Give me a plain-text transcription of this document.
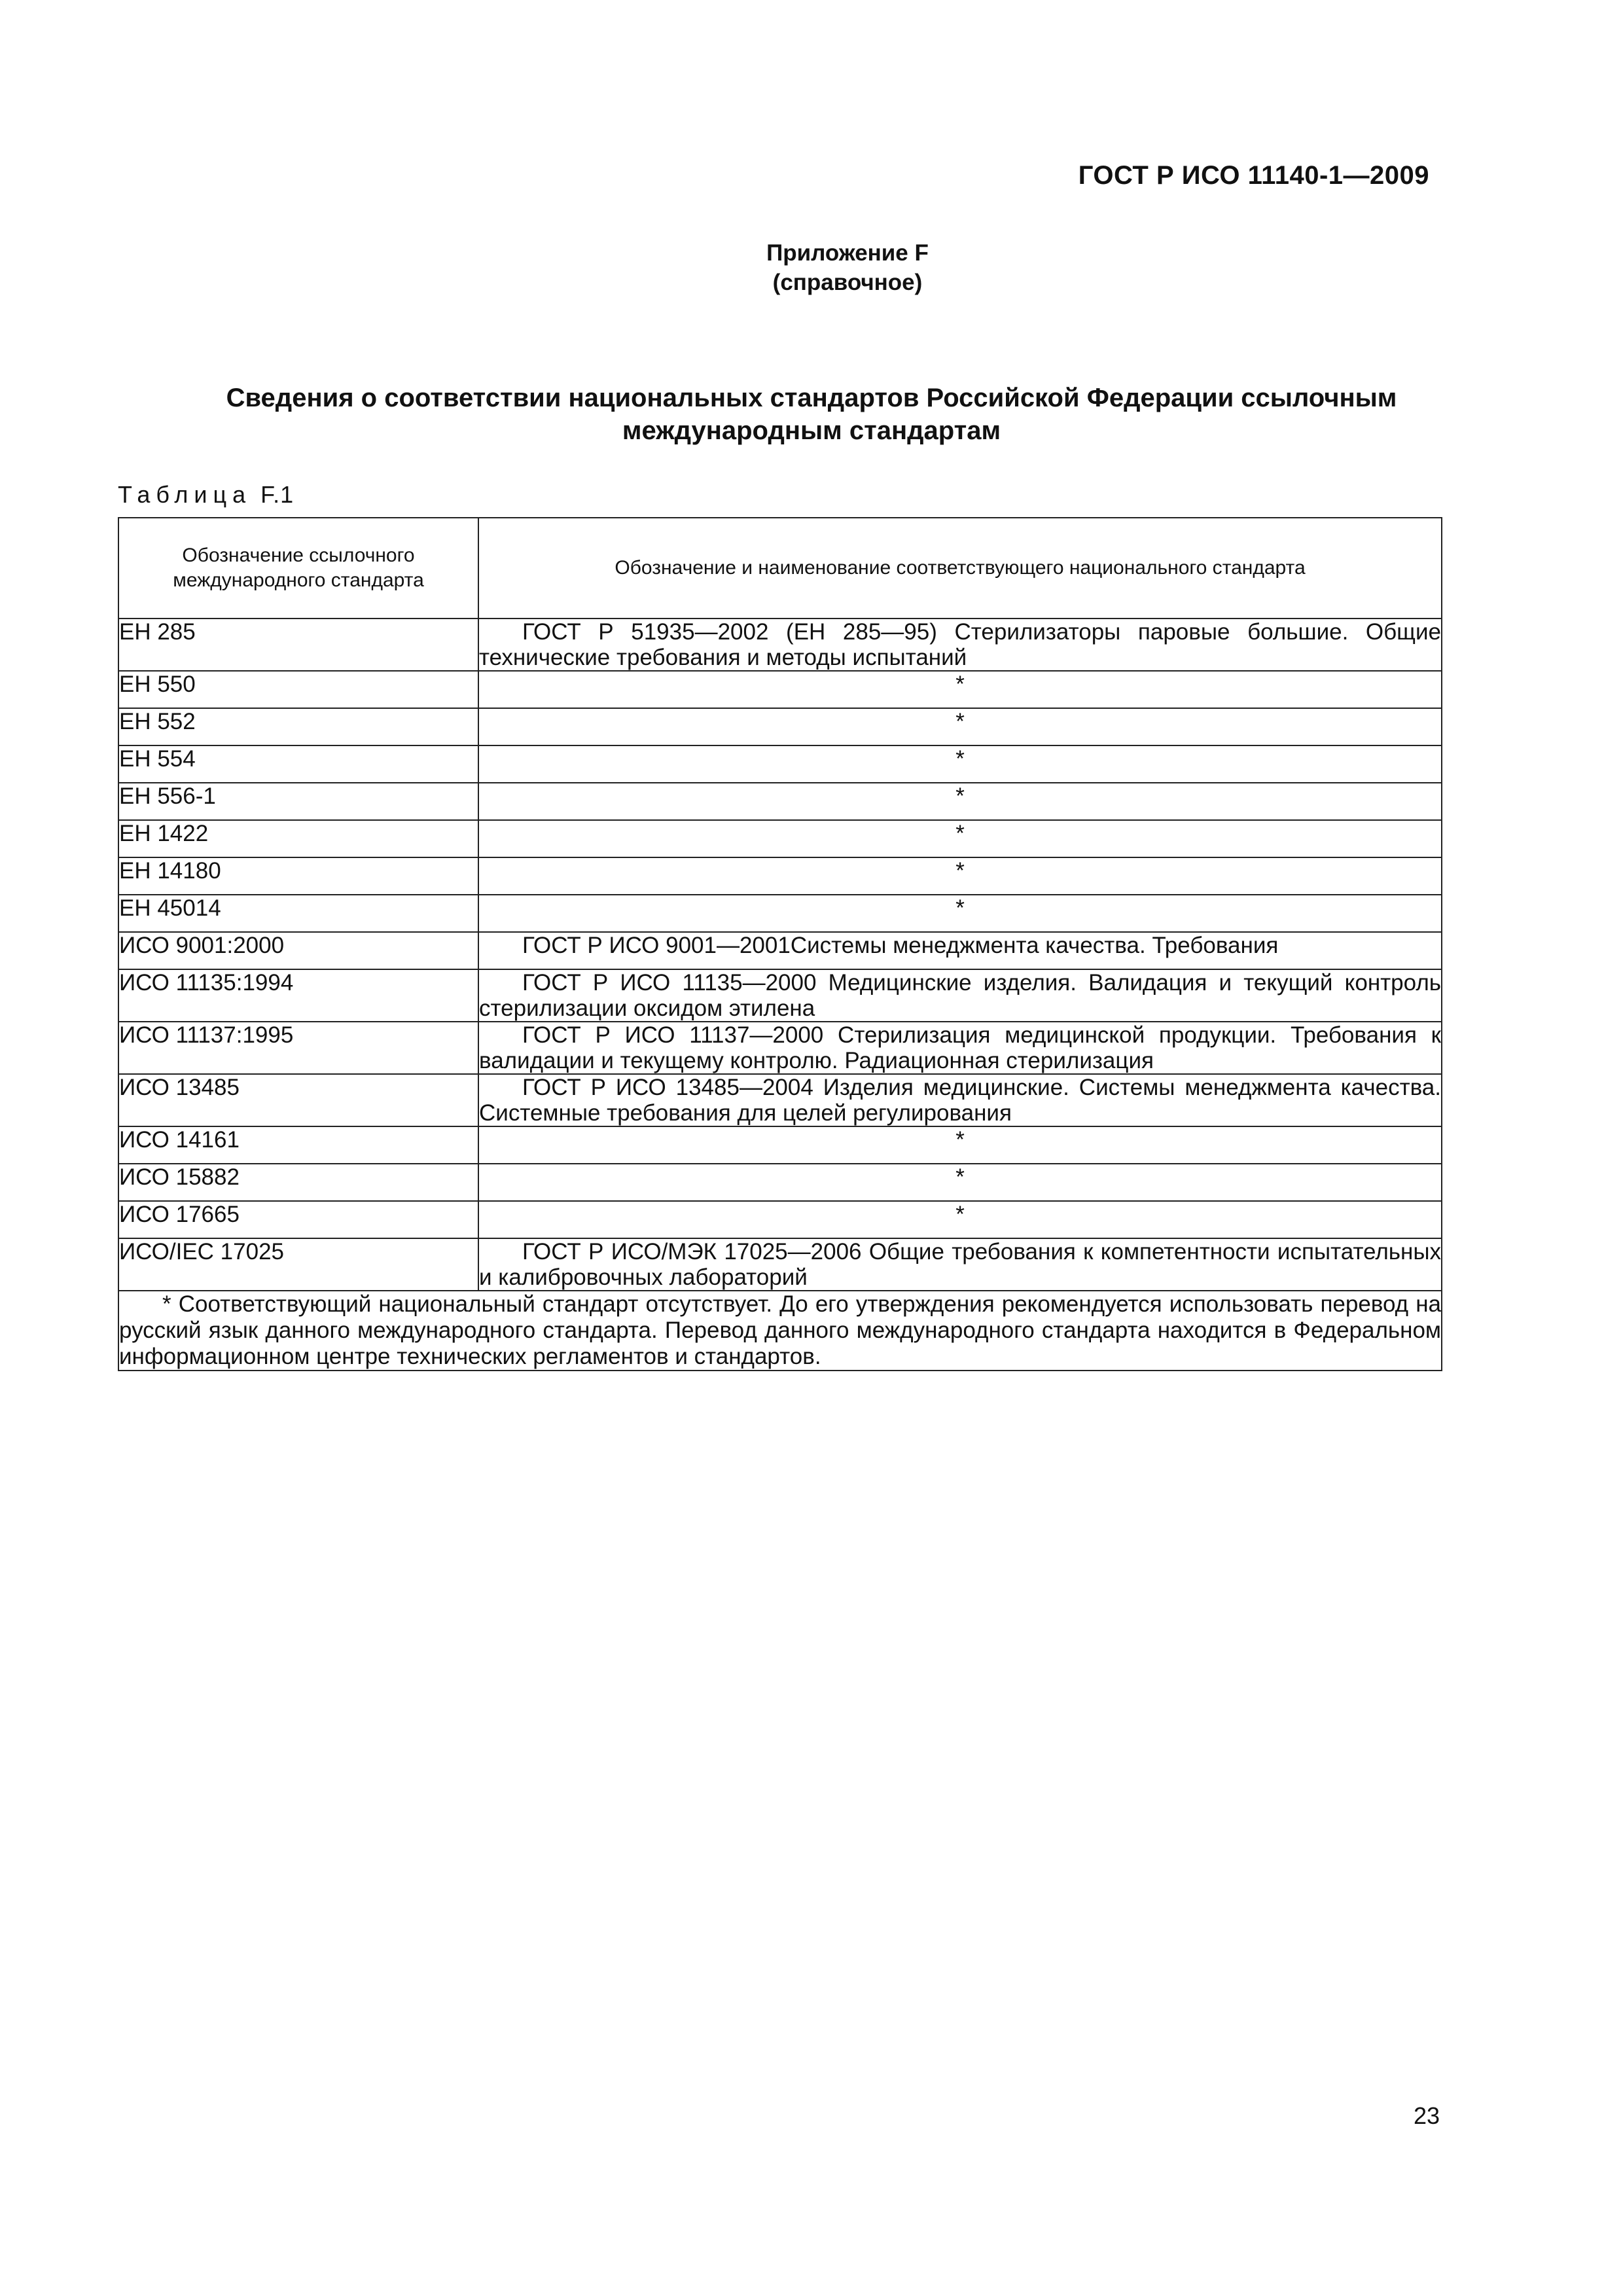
ГОСТ Р ИСО 11140-1—2009
Приложение F
(справочное)
Сведения о соответствии национальных стандартов Российской Федерации ссылочным
международным стандартам
Таблица F.1
Обозначение ссылочного международного стандарта	Обозначение и наименование соответствующего национального стандарта
ЕН 285	ГОСТ Р 51935—2002 (ЕН 285—95) Стерилизаторы паровые большие. Общие технические требования и методы испытаний
ЕН 550	*
ЕН 552	*
ЕН 554	*
ЕН 556-1	*
ЕН 1422	*
ЕН 14180	*
ЕН 45014	*
ИСО 9001:2000	ГОСТ Р ИСО 9001—2001Системы менеджмента качества. Требования
ИСО 11135:1994	ГОСТ Р ИСО 11135—2000 Медицинские изделия. Валидация и текущий контроль стерилизации оксидом этилена
ИСО 11137:1995	ГОСТ Р ИСО 11137—2000 Стерилизация медицинской продукции. Требования к валидации и текущему контролю. Радиационная стерилизация
ИСО 13485	ГОСТ Р ИСО 13485—2004 Изделия медицинские. Системы менеджмента качества. Системные требования для целей регулирования
ИСО 14161	*
ИСО 15882	*
ИСО 17665	*
ИСО/IEC 17025	ГОСТ Р ИСО/МЭК 17025—2006 Общие требования к компетентности испытательных и калибровочных лабораторий
* Соответствующий национальный стандарт отсутствует. До его утверждения рекомендуется использовать перевод на русский язык данного международного стандарта. Перевод данного международного стандарта находится в Федеральном информационном центре технических регламентов и стандартов.	
23
